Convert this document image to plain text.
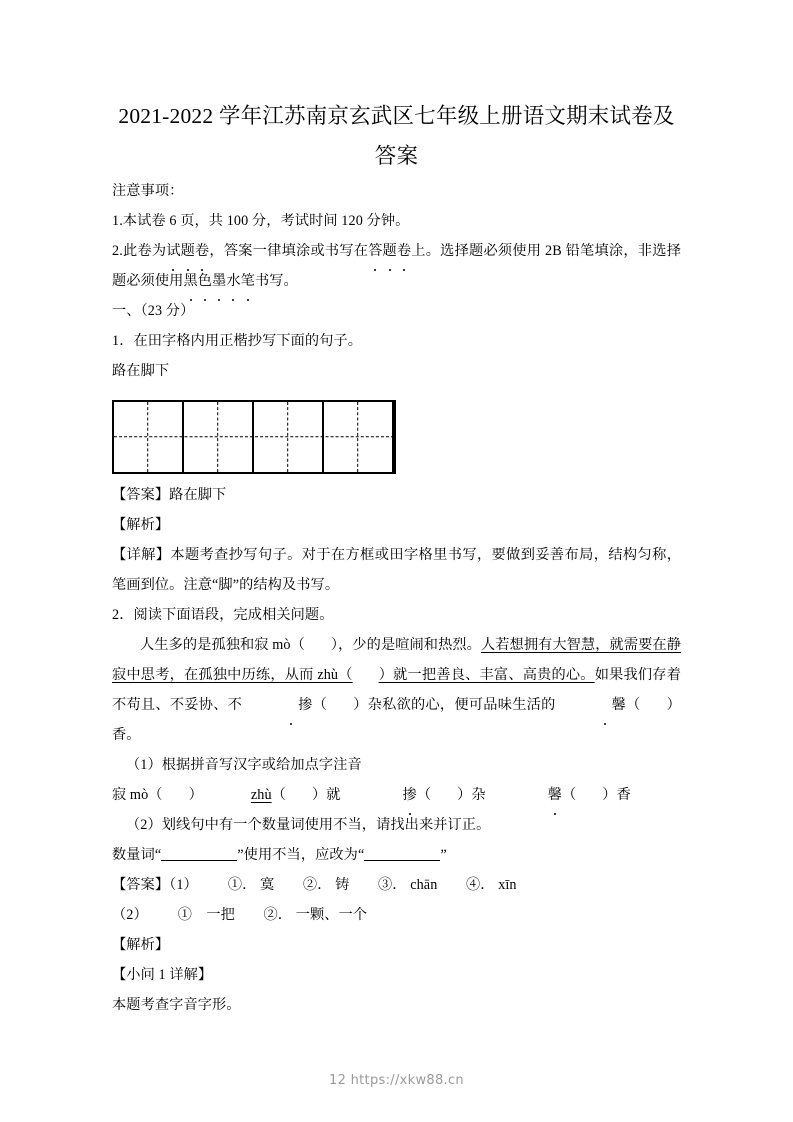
2021-2022 学年江苏南京玄武区七年级上册语文期末试卷及
答案

注意事项：

1.本试卷 6 页，共 100 分，考试时间 120 分钟。

2.此卷为试题卷，答案一律填涂或书写在答题卷上。选择题必须使用 2B 铅笔填涂，非选择题必须使用黑色墨水笔书写。

一、（23 分）

1．在田字格内用正楷抄写下面的句子。

路在脚下

【答案】路在脚下

【解析】

【详解】本题考查抄写句子。对于在方框或田字格里书写，要做到妥善布局，结构匀称，笔画到位。注意“脚”的结构及书写。

2．阅读下面语段，完成相关问题。

人生多的是孤独和寂 mò（ ），少的是喧闹和热烈。人若想拥有大智慧，就需要在静寂中思考，在孤独中历练，从而 zhù（ ）就一把善良、丰富、高贵的心。如果我们存着不苟且、不妥协、不	掺（ ）杂私欲的心，便可品味生活的	馨（ ）香。

（1）根据拼音写汉字或给加点字注音

寂 mò（ ）	zhù（ ）就	掺（ ）杂	馨（ ）香

（2）划线句中有一个数量词使用不当，请找出来并订正。

数量词“	”使用不当，应改为“	”

【答案】（1） ①． 寞　　②． 铸　　③． chān　　④． xīn

（2） ①　一把　　②． 一颗、一个

【解析】

【小问 1 详解】

本题考查字音字形。

12 https://xkw88.cn
